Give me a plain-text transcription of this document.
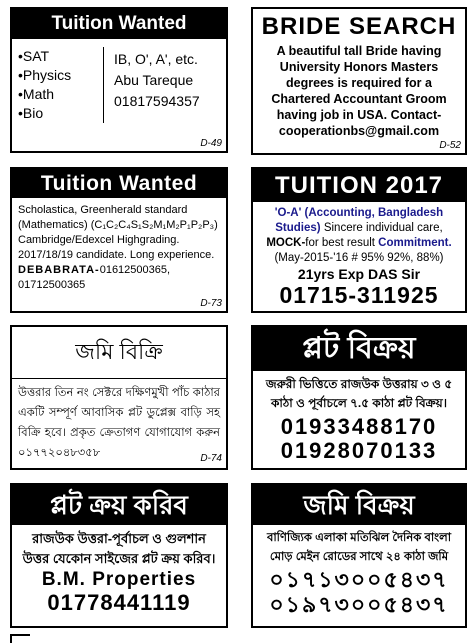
Tuition Wanted
• SAT
• Physics
• Math
• Bio
IB, O', A', etc.
Abu Tareque
01817594357
D-49
BRIDE SEARCH
A beautiful tall Bride having University Honors Masters degrees is required for a Chartered Accountant Groom having job in USA. Contact-cooperationbs@gmail.com
D-52
Tuition Wanted
Scholastica, Greenherald standard (Mathematics) (C₁C₂C₄S₁S₂M₁M₂P₁P₂P₃) Cambridge/Edexcel Highgrading. 2017/18/19 candidate. Long experience.
DEBABRATA-01612500365,
01712500365
D-73
TUITION 2017
'O-A' (Accounting, Bangladesh Studies) Sincere individual care, MOCK-for best result Commitment.
(May-2015-'16 # 95% 92%, 88%)
21yrs Exp DAS Sir
01715-311925
জমি বিক্রি
উত্তরার তিন নং সেক্টরে দক্ষিণমুখী পাঁচ কাঠার একটি সম্পূর্ণ আবাসিক প্লট ডুপ্লেক্স বাড়ি সহ বিক্রি হবে। প্রকৃত ক্রেতাগণ যোগাযোগ করুন ০১৭৭২০৪৮৩৫৮	D-74
প্লট বিক্রয়
জরুরী ভিত্তিতে রাজউক উত্তরায় ৩ ও ৫ কাঠা ও পূর্বাচলে ৭.৫ কাঠা প্লট বিক্রয়।
01933488170
01928070133
প্লট ক্রয় করিব
রাজউক উত্তরা-পূর্বাচল ও গুলশান উত্তর যেকোন সাইজের প্লট ক্রয় করিব।
B.M. Properties
01778441119
জমি বিক্রয়
বাণিজ্যিক এলাকা মতিঝিল দৈনিক বাংলা মোড় মেইন রোডের সাথে ২৪ কাঠা জমি
০১৭১৩০০৫৪৩৭
০১৯৭৩০০৫৪৩৭
